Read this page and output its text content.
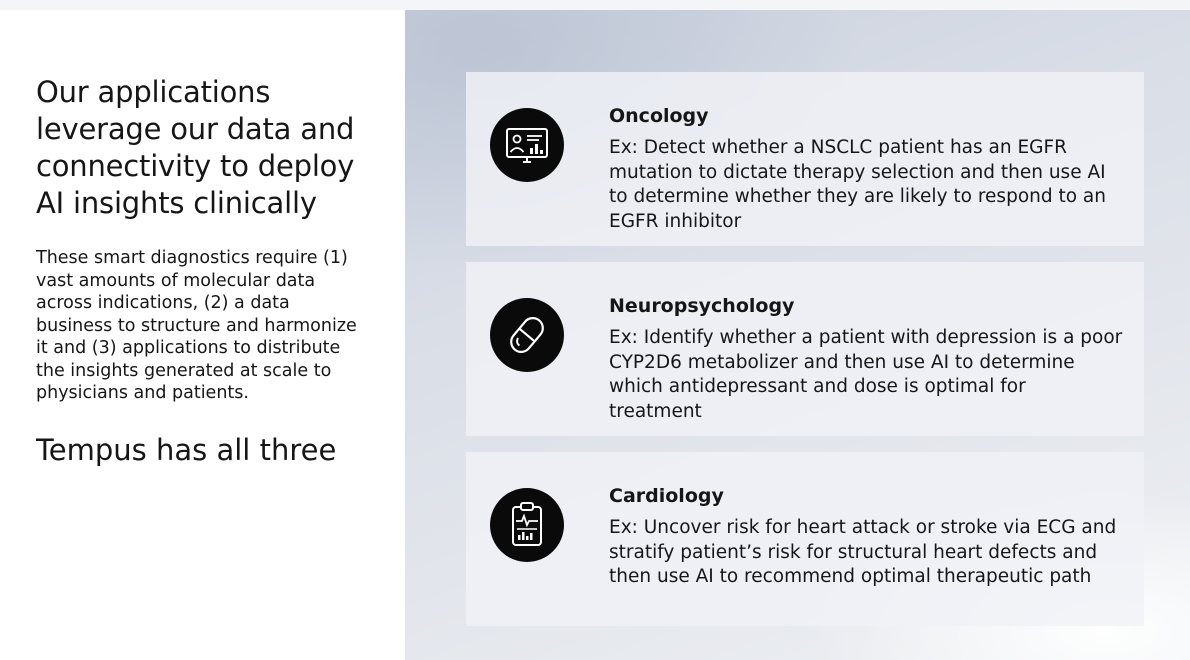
Our applications leverage our data and connectivity to deploy AI insights clinically

These smart diagnostics require (1) vast amounts of molecular data across indications, (2) a data business to structure and harmonize it and (3) applications to distribute the insights generated at scale to physicians and patients.

Tempus has all three
Oncology
Ex: Detect whether a NSCLC patient has an EGFR mutation to dictate therapy selection and then use AI to determine whether they are likely to respond to an EGFR inhibitor
Neuropsychology
Ex: Identify whether a patient with depression is a poor CYP2D6 metabolizer and then use AI to determine which antidepressant and dose is optimal for treatment
Cardiology
Ex: Uncover risk for heart attack or stroke via ECG and stratify patient’s risk for structural heart defects and then use AI to recommend optimal therapeutic path
